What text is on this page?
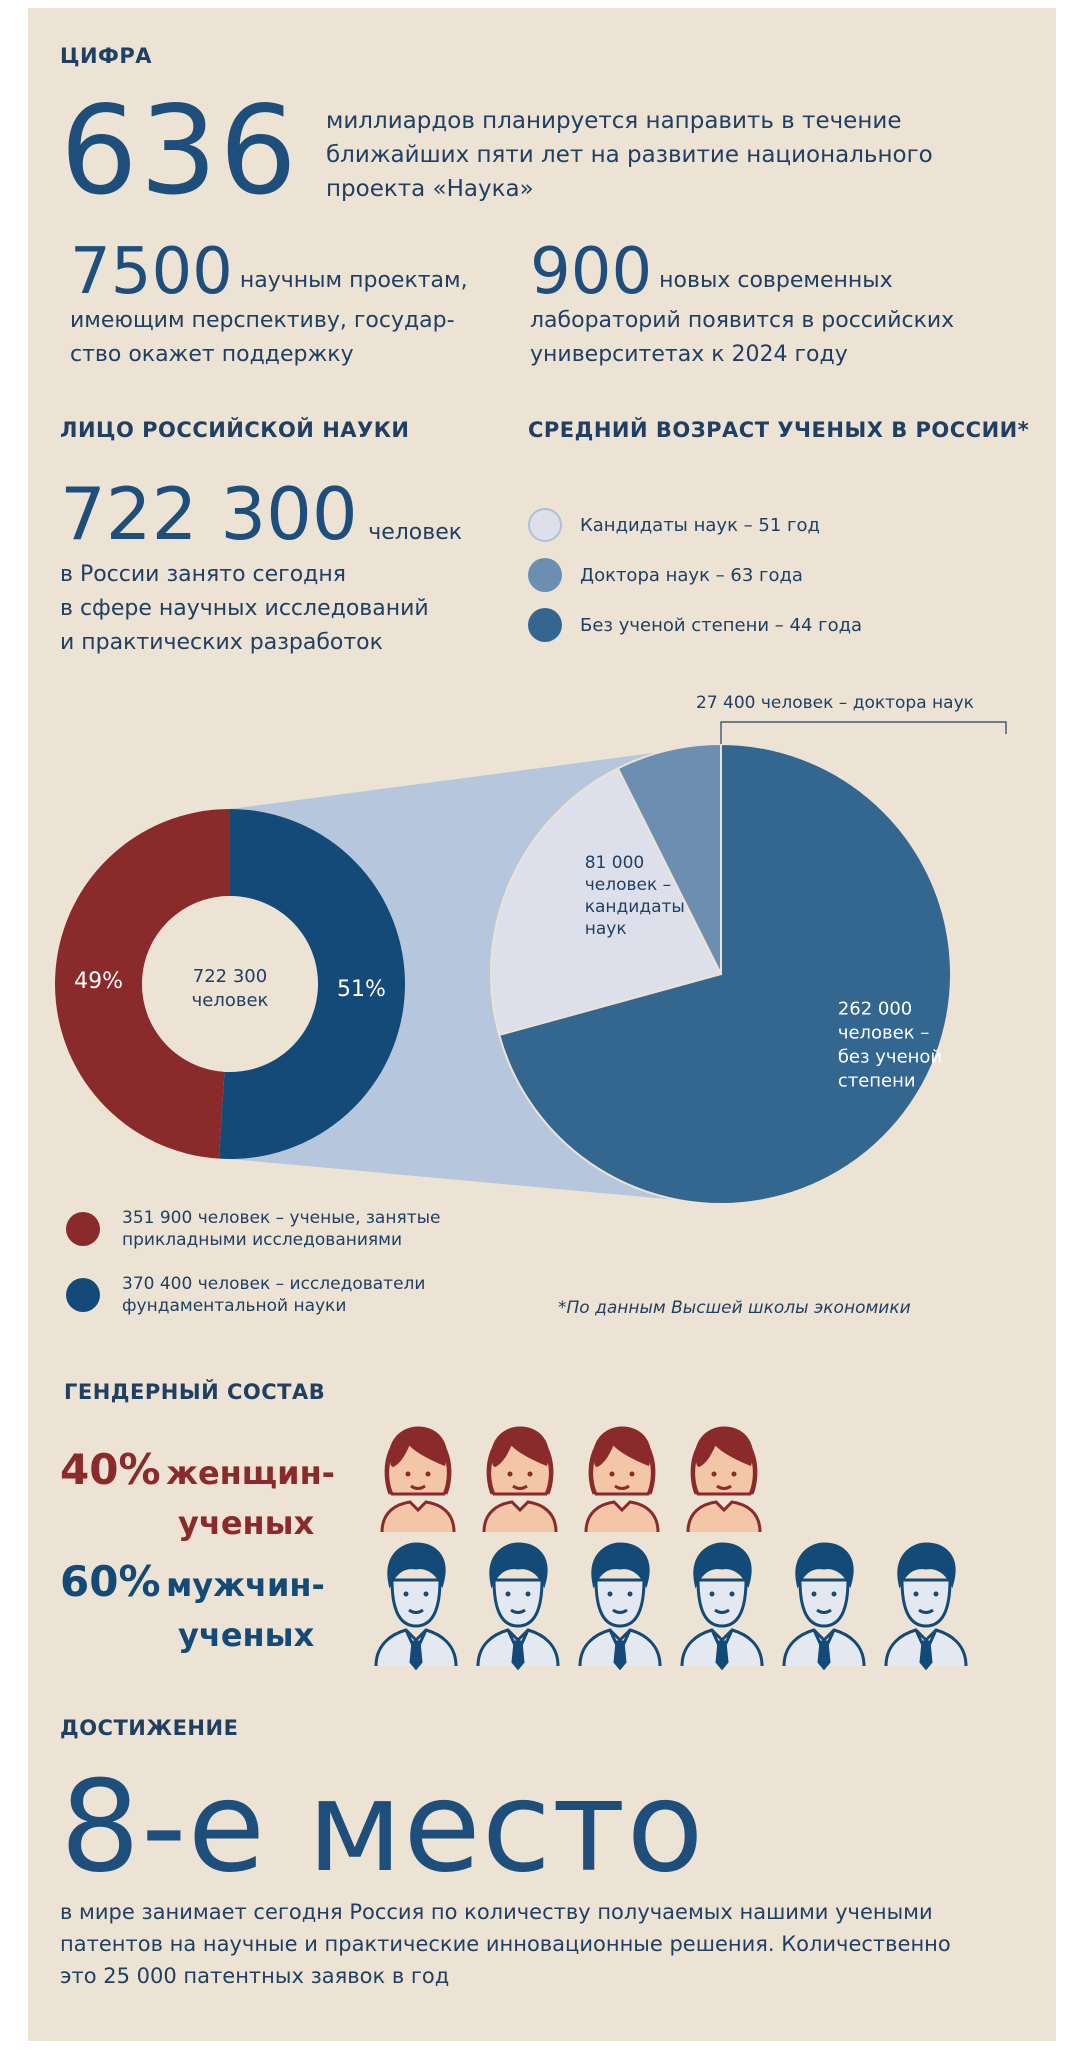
ЦИФРА
636 миллиардов планируется направить в течение
ближайших пяти лет на развитие национального
проекта «Наука»
7500 научным проектам,
имеющим перспективу, государ-
ство окажет поддержку
900 новых современных
лабораторий появится в российских
университетах к 2024 году
ЛИЦО РОССИЙСКОЙ НАУКИ
722 300 человек
в России занято сегодня
в сфере научных исследований
и практических разработок
СРЕДНИЙ ВОЗРАСТ УЧЕНЫХ В РОССИИ*
Кандидаты наук – 51 год
Доктора наук – 63 года
Без ученой степени – 44 года
49%	51%
722 300
человек	262 000
человек –
без ученой
степени
81 000
человек –
кандидаты
наук
27 400 человек – доктора наук
351 900 человек – ученые, занятые
прикладными исследованиями
370 400 человек – исследователи
фундаментальной науки	*По данным Высшей школы экономики
ГЕНДЕРНЫЙ СОСТАВ
40% женщин-
ученых
60% мужчин-
ученых
ДОСТИЖЕНИЕ
8-е место
в мире занимает сегодня Россия по количеству получаемых нашими учеными
патентов на научные и практические инновационные решения. Количественно
это 25 000 патентных заявок в год
